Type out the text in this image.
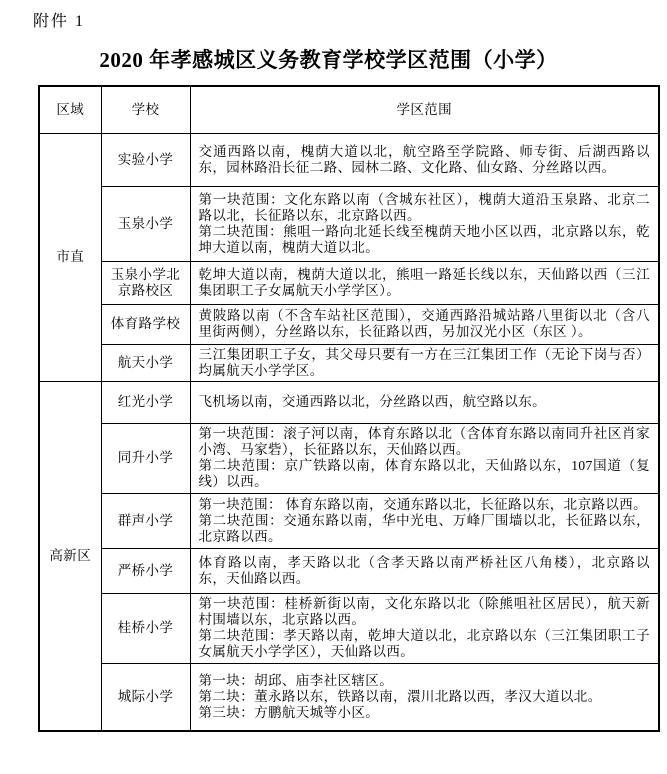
附件 1
2020 年孝感城区义务教育学校学区范围（小学）
区域	学校	学区范围
市直	实验小学	交通西路以南，槐荫大道以北，航空路至学院路、师专街、后湖西路以东，园林路沿长征二路、园林二路、文化路、仙女路、分丝路以西。

	玉泉小学	第一块范围：文化东路以南（含城东社区），槐荫大道沿玉泉路、北京二路以北，长征路以东，北京路以西。
第二块范围：熊咀一路向北延长线至槐荫天地小区以西，北京路以东，乾坤大道以南，槐荫大道以北。

	玉泉小学北京路校区	乾坤大道以南，槐荫大道以北，熊咀一路延长线以东，天仙路以西（三江集团职工子女属航天小学学区）。

	体育路学校	黄陂路以南（不含车站社区范围），交通西路沿城站路八里街以北（含八里街两侧），分丝路以东，长征路以西，另加汉光小区（东区 ）。

	航天小学	三江集团职工子女，其父母只要有一方在三江集团工作（无论下岗与否）均属航天小学学区。

高新区	红光小学	飞机场以南，交通西路以北，分丝路以西，航空路以东。

	同升小学	第一块范围：滚子河以南，体育东路以北（含体育东路以南同升社区肖家小湾、马家砦），长征路以东，天仙路以西。
第二块范围：京广铁路以南，体育东路以北，天仙路以东，107国道（复线）以西。

	群声小学	第一块范围： 体育东路以南，交通东路以北，长征路以东，北京路以西。
第二块范围：交通东路以南，华中光电、万峰厂围墙以北，长征路以东，北京路以西。

	严桥小学	体育路以南，孝天路以北（含孝天路以南严桥社区八角楼），北京路以东，天仙路以西。

	桂桥小学	第一块范围：桂桥新街以南，文化东路以北（除熊咀社区居民），航天新村围墙以东，北京路以西。
第二块范围：孝天路以南，乾坤大道以北，北京路以东（三江集团职工子女属航天小学学区），天仙路以西。

	城际小学	第一块：胡邱、庙李社区辖区。
第二块：董永路以东，铁路以南，澴川北路以西，孝汉大道以北。
第三块：方鹏航天城等小区。
